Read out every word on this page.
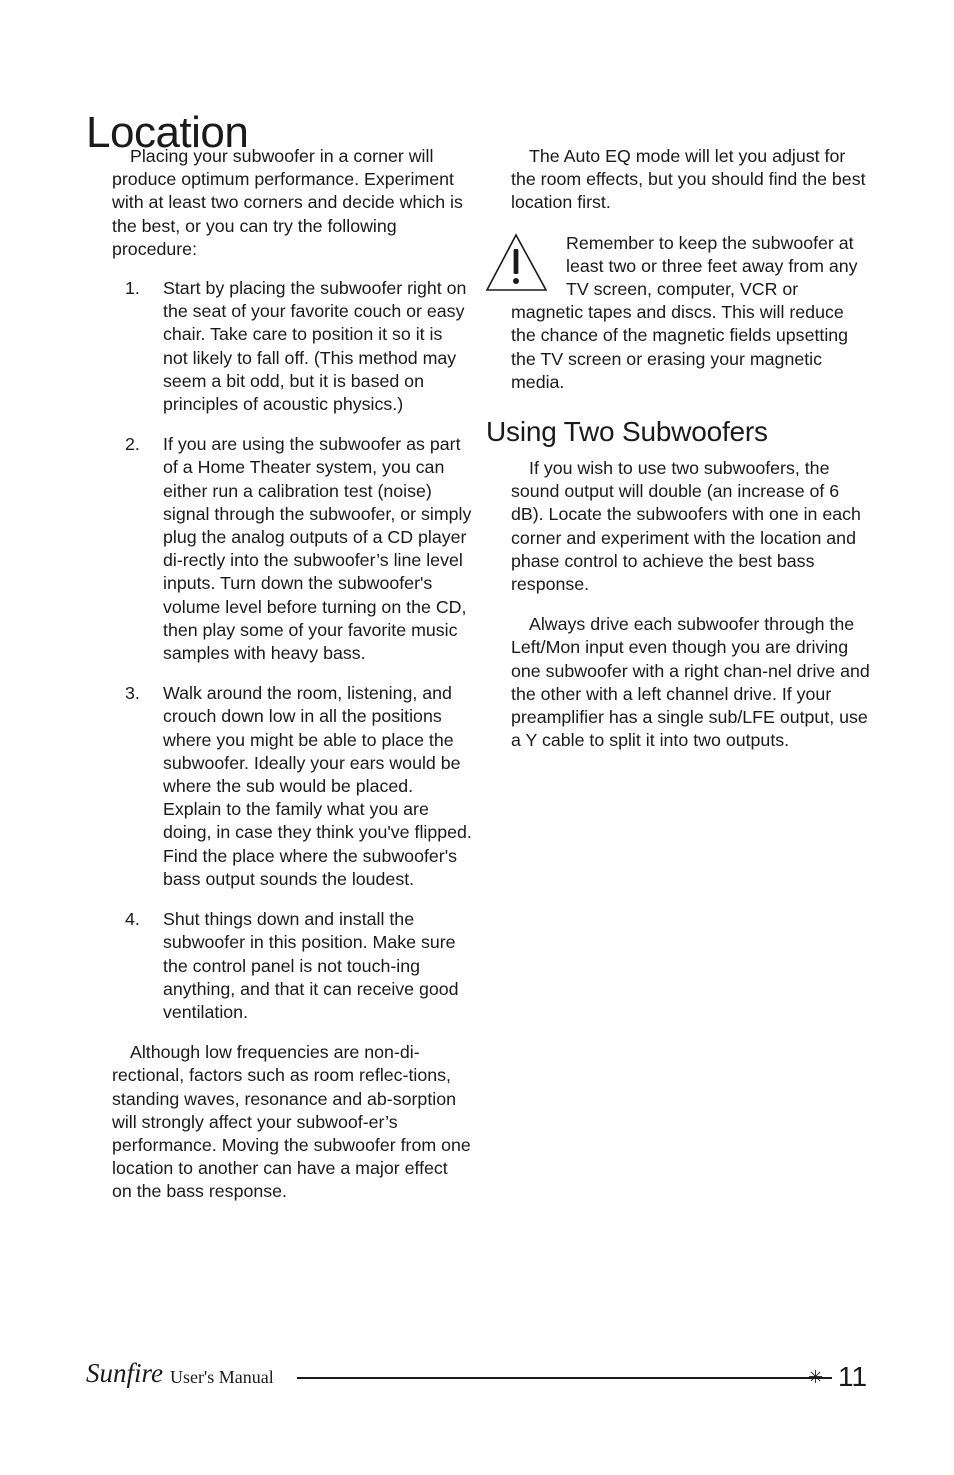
Location

Placing your subwoofer in a corner will produce optimum performance. Experiment with at least two corners and decide which is the best, or you can try the following procedure:

1. Start by placing the subwoofer right on the seat of your favorite couch or easy chair. Take care to position it so it is not likely to fall off. (This method may seem a bit odd, but it is based on principles of acoustic physics.)
2. If you are using the subwoofer as part of a Home Theater system, you can either run a calibration test (noise) signal through the subwoofer, or simply plug the analog outputs of a CD player di-rectly into the subwoofer’s line level inputs. Turn down the subwoofer's volume level before turning on the CD, then play some of your favorite music samples with heavy bass.
3. Walk around the room, listening, and crouch down low in all the positions where you might be able to place the subwoofer. Ideally your ears would be where the sub would be placed. Explain to the family what you are doing, in case they think you've flipped. Find the place where the subwoofer's bass output sounds the loudest.
4. Shut things down and install the subwoofer in this position. Make sure the control panel is not touch-ing anything, and that it can receive good ventilation.

Although low frequencies are non-di-rectional, factors such as room reflec-tions, standing waves, resonance and ab-sorption will strongly affect your subwoof-er’s performance. Moving the subwoofer from one location to another can have a major effect on the bass response.

The Auto EQ mode will let you adjust for the room effects, but you should find the best location first.

Remember to keep the subwoofer at least two or three feet away from any TV screen, computer, VCR or magnetic tapes and discs. This will reduce the chance of the magnetic fields upsetting the TV screen or erasing your magnetic media.

Using Two Subwoofers

If you wish to use two subwoofers, the sound output will double (an increase of 6 dB). Locate the subwoofers with one in each corner and experiment with the location and phase control to achieve the best bass response.

Always drive each subwoofer through the Left/Mon input even though you are driving one subwoofer with a right chan-nel drive and the other with a left channel drive. If your preamplifier has a single sub/LFE output, use a Y cable to split it into two outputs.

Sunfire User's Manual	✳ 11
